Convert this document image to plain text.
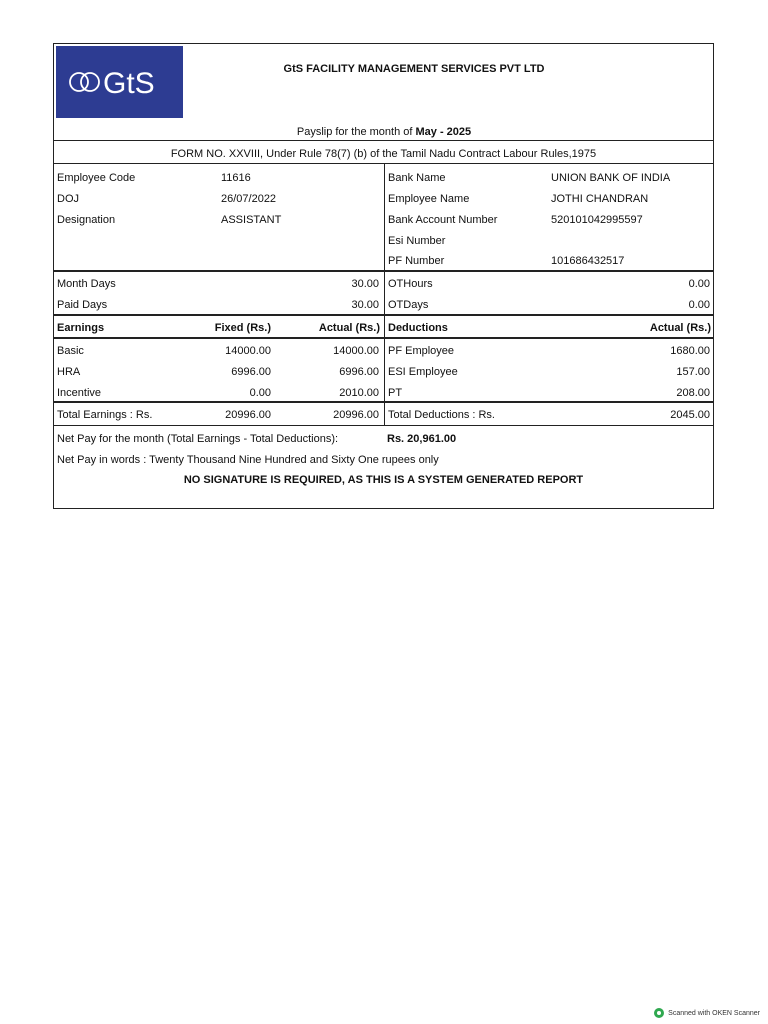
GtS	GtS FACILITY MANAGEMENT SERVICES PVT LTD
Payslip for the month of May - 2025
FORM NO. XXVIII, Under Rule 78(7) (b) of the Tamil Nadu Contract Labour Rules,1975
Employee Code	11616
DOJ	26/07/2022
Designation	ASSISTANT
Bank Name	UNION BANK OF INDIA
Employee Name	JOTHI CHANDRAN
Bank Account Number	520101042995597
Esi Number
PF Number	101686432517
Month Days	30.00
Paid Days	30.00
OTHours	0.00
OTDays	0.00
Earnings	Fixed (Rs.)	Actual (Rs.) Deductions	Actual (Rs.)
Basic	14000.00	14000.00 PF Employee	1680.00
HRA	6996.00	6996.00 ESI Employee	157.00
Incentive	0.00	2010.00 PT	208.00
Total Earnings : Rs.	20996.00	20996.00 Total Deductions : Rs.	2045.00
Net Pay for the month (Total Earnings - Total Deductions):	Rs. 20,961.00
Net Pay in words : Twenty Thousand Nine Hundred and Sixty One rupees only
NO SIGNATURE IS REQUIRED, AS THIS IS A SYSTEM GENERATED REPORT
Scanned with OKEN Scanner
